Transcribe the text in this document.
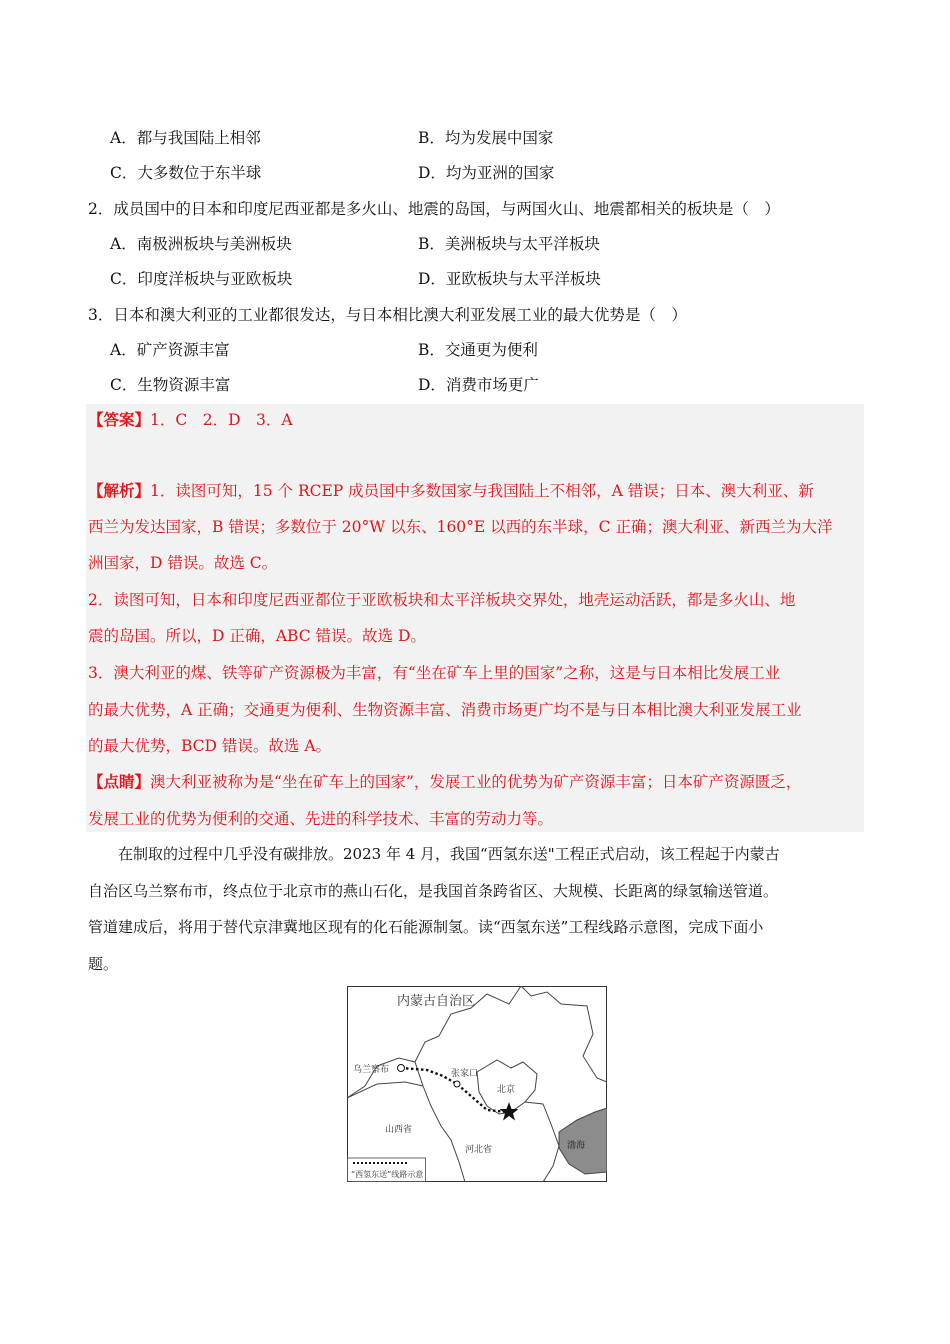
A．都与我国陆上相邻	B．均为发展中国家
C．大多数位于东半球	D．均为亚洲的国家
2．成员国中的日本和印度尼西亚都是多火山、地震的岛国，与两国火山、地震都相关的板块是（　）
A．南极洲板块与美洲板块	B．美洲板块与太平洋板块
C．印度洋板块与亚欧板块	D．亚欧板块与太平洋板块
3．日本和澳大利亚的工业都很发达，与日本相比澳大利亚发展工业的最大优势是（　）
A．矿产资源丰富	B．交通更为便利
C．生物资源丰富	D．消费市场更广
【答案】1．C　2．D　3．A
【解析】1．读图可知，15 个 RCEP 成员国中多数国家与我国陆上不相邻，A 错误；日本、澳大利亚、新
西兰为发达国家，B 错误；多数位于 20°W 以东、160°E 以西的东半球，C 正确；澳大利亚、新西兰为大洋
洲国家，D 错误。故选 C。
2．读图可知，日本和印度尼西亚都位于亚欧板块和太平洋板块交界处，地壳运动活跃，都是多火山、地
震的岛国。所以，D 正确，ABC 错误。故选 D。
3．澳大利亚的煤、铁等矿产资源极为丰富，有“坐在矿车上里的国家”之称，这是与日本相比发展工业
的最大优势，A 正确；交通更为便利、生物资源丰富、消费市场更广均不是与日本相比澳大利亚发展工业
的最大优势，BCD 错误。故选 A。
【点睛】澳大利亚被称为是“坐在矿车上的国家”，发展工业的优势为矿产资源丰富；日本矿产资源匮乏，
发展工业的优势为便利的交通、先进的科学技术、丰富的劳动力等。
在制取的过程中几乎没有碳排放。2023 年 4 月，我国“西氢东送"工程正式启动，该工程起于内蒙古
自治区乌兰察布市，终点位于北京市的燕山石化，是我国首条跨省区、大规模、长距离的绿氢输送管道。
管道建成后，将用于替代京津冀地区现有的化石能源制氢。读“西氢东送”工程线路示意图，完成下面小
题。
内蒙古自治区
乌兰察布	张家口
北京
山西省
河北省	渤海
“西氢东送”线路示意
